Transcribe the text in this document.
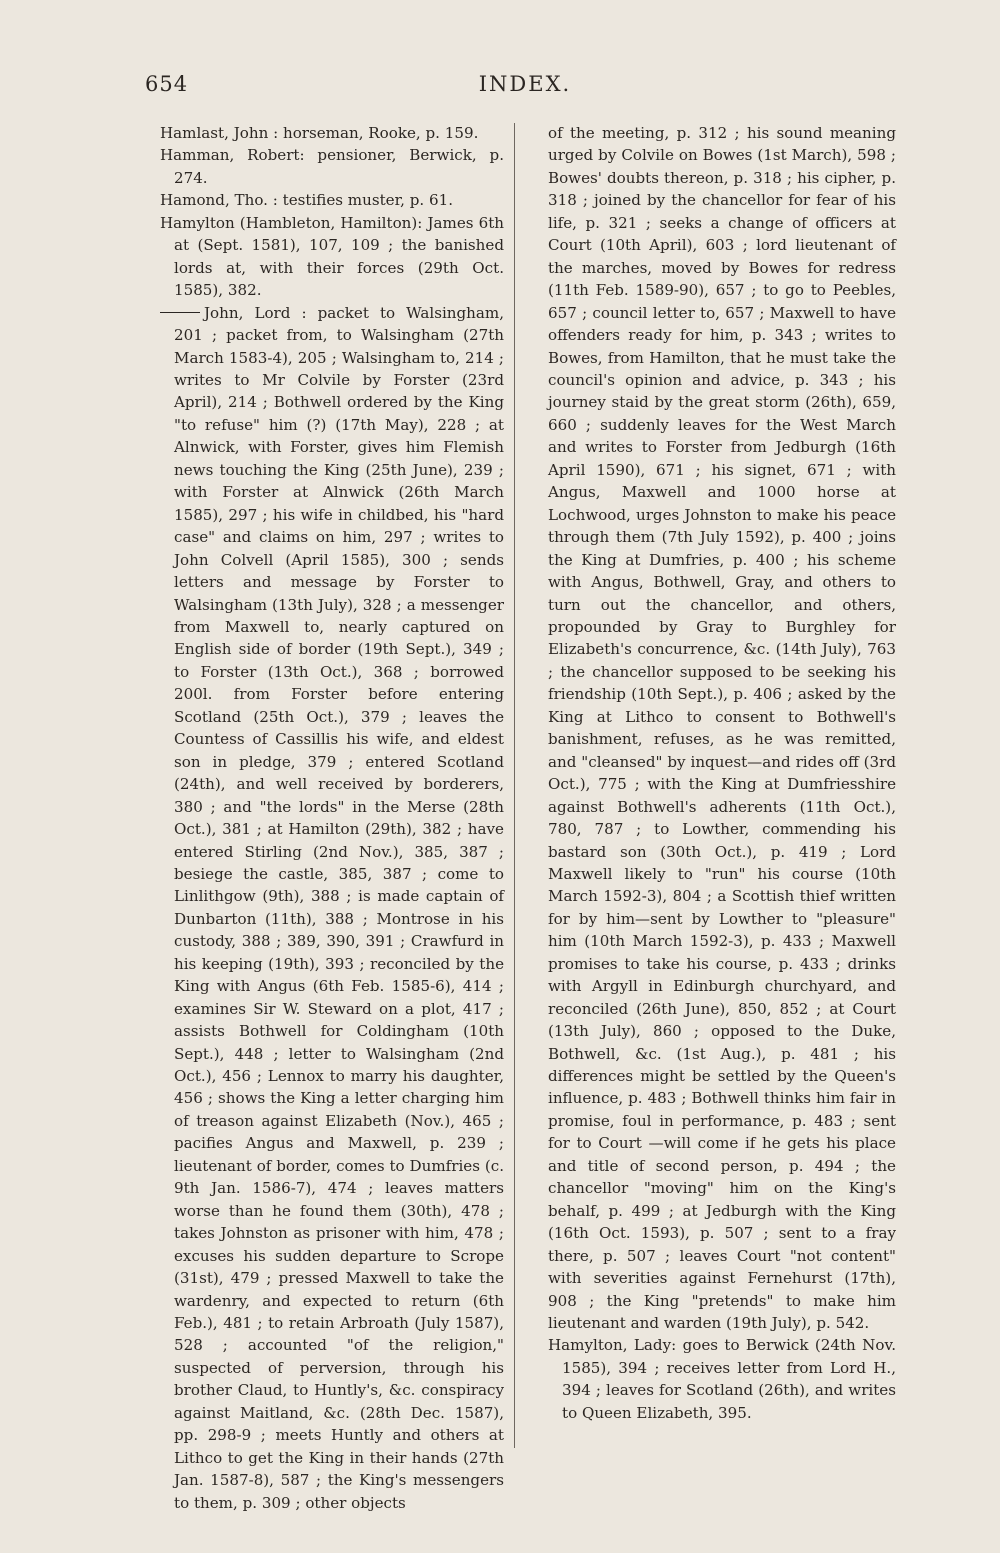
654	INDEX.

Hamlast, John : horseman, Rooke, p. 159.

Hamman, Robert: pensioner, Berwick, p. 274.

Hamond, Tho. : testifies muster, p. 61.

Hamylton (Hambleton, Hamilton): James 6th at (Sept. 1581), 107, 109 ; the banished lords at, with their forces (29th Oct. 1585), 382.

John, Lord : packet to Walsingham, 201 ; packet from, to Walsingham (27th March 1583-4), 205 ; Walsingham to, 214 ; writes to Mr Colvile by Forster (23rd April), 214 ; Bothwell ordered by the King "to refuse" him (?) (17th May), 228 ; at Alnwick, with Forster, gives him Flemish news touching the King (25th June), 239 ; with Forster at Alnwick (26th March 1585), 297 ; his wife in childbed, his "hard case" and claims on him, 297 ; writes to John Colvell (April 1585), 300 ; sends letters and message by Forster to Walsingham (13th July), 328 ; a messenger from Maxwell to, nearly captured on English side of border (19th Sept.), 349 ; to Forster (13th Oct.), 368 ; borrowed 200l. from Forster before entering Scotland (25th Oct.), 379 ; leaves the Countess of Cassillis his wife, and eldest son in pledge, 379 ; entered Scotland (24th), and well received by borderers, 380 ; and "the lords" in the Merse (28th Oct.), 381 ; at Hamilton (29th), 382 ; have entered Stirling (2nd Nov.), 385, 387 ; besiege the castle, 385, 387 ; come to Linlithgow (9th), 388 ; is made captain of Dunbarton (11th), 388 ; Montrose in his custody, 388 ; 389, 390, 391 ; Crawfurd in his keeping (19th), 393 ; reconciled by the King with Angus (6th Feb. 1585-6), 414 ; examines Sir W. Steward on a plot, 417 ; assists Bothwell for Coldingham (10th Sept.), 448 ; letter to Walsingham (2nd Oct.), 456 ; Lennox to marry his daughter, 456 ; shows the King a letter charging him of treason against Elizabeth (Nov.), 465 ; pacifies Angus and Maxwell, p. 239 ; lieutenant of border, comes to Dumfries (c. 9th Jan. 1586-7), 474 ; leaves matters worse than he found them (30th), 478 ; takes Johnston as prisoner with him, 478 ; excuses his sudden departure to Scrope (31st), 479 ; pressed Maxwell to take the wardenry, and expected to return (6th Feb.), 481 ; to retain Arbroath (July 1587), 528 ; accounted "of the religion," suspected of perversion, through his brother Claud, to Huntly's, &c. conspiracy against Maitland, &c. (28th Dec. 1587), pp. 298-9 ; meets Huntly and others at Lithco to get the King in their hands (27th Jan. 1587-8), 587 ; the King's messengers to them, p. 309 ; other objects

of the meeting, p. 312 ; his sound meaning urged by Colvile on Bowes (1st March), 598 ; Bowes' doubts thereon, p. 318 ; his cipher, p. 318 ; joined by the chancellor for fear of his life, p. 321 ; seeks a change of officers at Court (10th April), 603 ; lord lieutenant of the marches, moved by Bowes for redress (11th Feb. 1589-90), 657 ; to go to Peebles, 657 ; council letter to, 657 ; Maxwell to have offenders ready for him, p. 343 ; writes to Bowes, from Hamilton, that he must take the council's opinion and advice, p. 343 ; his journey staid by the great storm (26th), 659, 660 ; suddenly leaves for the West March and writes to Forster from Jedburgh (16th April 1590), 671 ; his signet, 671 ; with Angus, Maxwell and 1000 horse at Lochwood, urges Johnston to make his peace through them (7th July 1592), p. 400 ; joins the King at Dumfries, p. 400 ; his scheme with Angus, Bothwell, Gray, and others to turn out the chancellor, and others, propounded by Gray to Burghley for Elizabeth's concurrence, &c. (14th July), 763 ; the chancellor supposed to be seeking his friendship (10th Sept.), p. 406 ; asked by the King at Lithco to consent to Bothwell's banishment, refuses, as he was remitted, and "cleansed" by inquest—and rides off (3rd Oct.), 775 ; with the King at Dumfriesshire against Bothwell's adherents (11th Oct.), 780, 787 ; to Lowther, commending his bastard son (30th Oct.), p. 419 ; Lord Maxwell likely to "run" his course (10th March 1592-3), 804 ; a Scottish thief written for by him—sent by Lowther to "pleasure" him (10th March 1592-3), p. 433 ; Maxwell promises to take his course, p. 433 ; drinks with Argyll in Edinburgh churchyard, and reconciled (26th June), 850, 852 ; at Court (13th July), 860 ; opposed to the Duke, Bothwell, &c. (1st Aug.), p. 481 ; his differences might be settled by the Queen's influence, p. 483 ; Bothwell thinks him fair in promise, foul in performance, p. 483 ; sent for to Court —will come if he gets his place and title of second person, p. 494 ; the chancellor "moving" him on the King's behalf, p. 499 ; at Jedburgh with the King (16th Oct. 1593), p. 507 ; sent to a fray there, p. 507 ; leaves Court "not content" with severities against Fernehurst (17th), 908 ; the King "pretends" to make him lieutenant and warden (19th July), p. 542.

Hamylton, Lady: goes to Berwick (24th Nov. 1585), 394 ; receives letter from Lord H., 394 ; leaves for Scotland (26th), and writes to Queen Elizabeth, 395.
